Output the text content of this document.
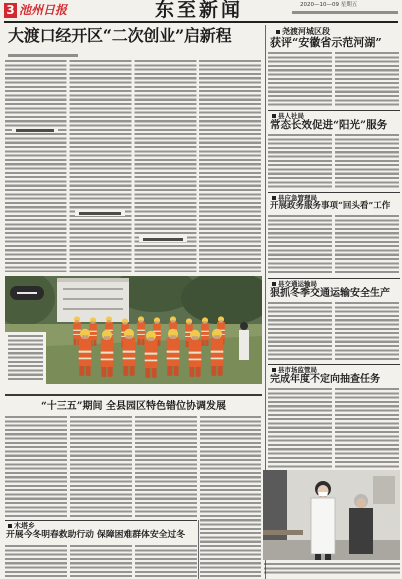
3 池州日报	东至新闻	2020—10—09 星期五
大渡口经开区“二次创业”启新程	尧渡河城区段
获评“安徽省示范河湖”
县人社局
常态长效促进“阳光”服务
县应急管理局
开展政务服务事项“回头看”工作
县交通运输局
狠抓冬季交通运输安全生产
县市场监管局
完成年度不定向抽查任务
“十三五”期间 全县园区特色错位协调发展
木塔乡
开展今冬明春救助行动 保障困难群体安全过冬
